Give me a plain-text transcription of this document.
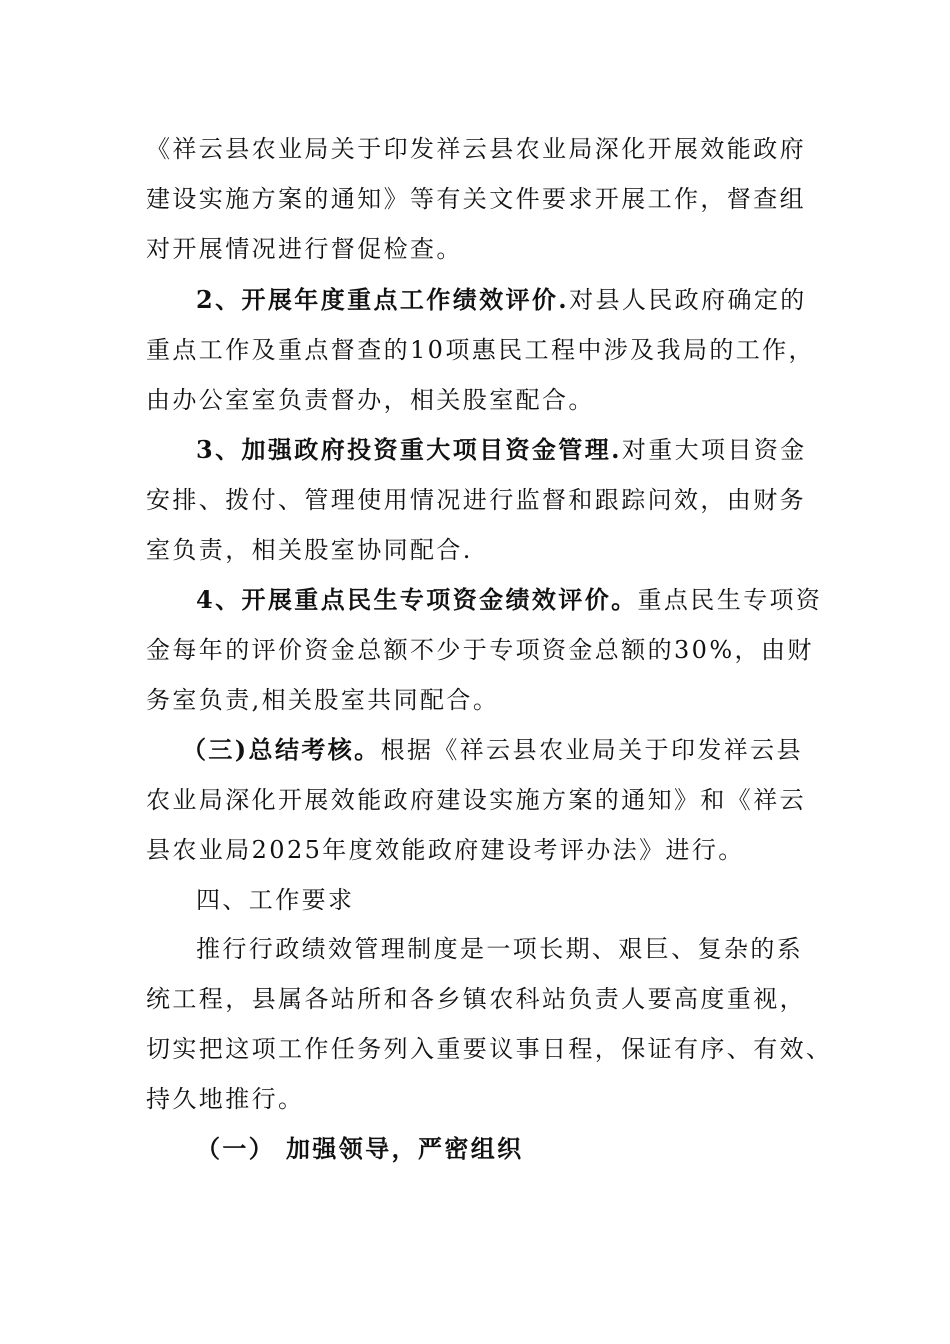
《祥云县农业局关于印发祥云县农业局深化开展效能政府
建设实施方案的通知》等有关文件要求开展工作，督查组
对开展情况进行督促检查。
2、开展年度重点工作绩效评价.对县人民政府确定的
重点工作及重点督查的10项惠民工程中涉及我局的工作，
由办公室室负责督办，相关股室配合。
3、加强政府投资重大项目资金管理.对重大项目资金
安排、拨付、管理使用情况进行监督和跟踪问效，由财务
室负责，相关股室协同配合.
4、开展重点民生专项资金绩效评价。重点民生专项资
金每年的评价资金总额不少于专项资金总额的30%，由财
务室负责,相关股室共同配合。
（三)总结考核。根据《祥云县农业局关于印发祥云县
农业局深化开展效能政府建设实施方案的通知》和《祥云
县农业局2025年度效能政府建设考评办法》进行。
四、工作要求
推行行政绩效管理制度是一项长期、艰巨、复杂的系
统工程，县属各站所和各乡镇农科站负责人要高度重视，
切实把这项工作任务列入重要议事日程，保证有序、有效、
持久地推行。
（一） 加强领导，严密组织
